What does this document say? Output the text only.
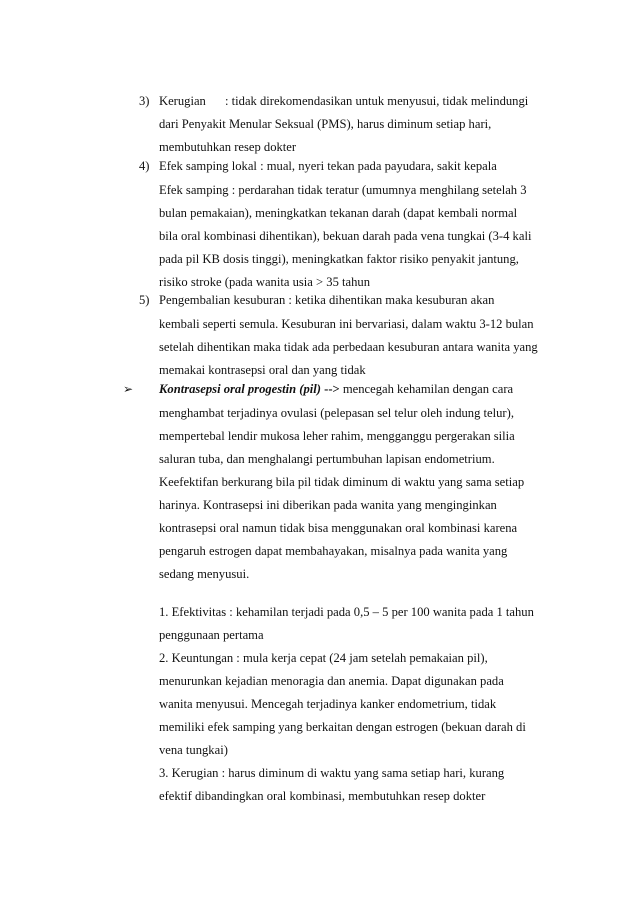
3) Kerugian : tidak direkomendasikan untuk menyusui, tidak melindungi
dari Penyakit Menular Seksual (PMS), harus diminum setiap hari,
membutuhkan resep dokter
4) Efek samping lokal : mual, nyeri tekan pada payudara, sakit kepala
Efek samping : perdarahan tidak teratur (umumnya menghilang setelah 3
bulan pemakaian), meningkatkan tekanan darah (dapat kembali normal
bila oral kombinasi dihentikan), bekuan darah pada vena tungkai (3-4 kali
pada pil KB dosis tinggi), meningkatkan faktor risiko penyakit jantung,
risiko stroke (pada wanita usia > 35 tahun
5) Pengembalian kesuburan : ketika dihentikan maka kesuburan akan
kembali seperti semula. Kesuburan ini bervariasi, dalam waktu 3-12 bulan
setelah dihentikan maka tidak ada perbedaan kesuburan antara wanita yang
memakai kontrasepsi oral dan yang tidak
➢ Kontrasepsi oral progestin (pil) --> mencegah kehamilan dengan cara
menghambat terjadinya ovulasi (pelepasan sel telur oleh indung telur),
mempertebal lendir mukosa leher rahim, mengganggu pergerakan silia
saluran tuba, dan menghalangi pertumbuhan lapisan endometrium.
Keefektifan berkurang bila pil tidak diminum di waktu yang sama setiap
harinya. Kontrasepsi ini diberikan pada wanita yang menginginkan
kontrasepsi oral namun tidak bisa menggunakan oral kombinasi karena
pengaruh estrogen dapat membahayakan, misalnya pada wanita yang
sedang menyusui.
1. Efektivitas : kehamilan terjadi pada 0,5 – 5 per 100 wanita pada 1 tahun
penggunaan pertama
2. Keuntungan : mula kerja cepat (24 jam setelah pemakaian pil),
menurunkan kejadian menoragia dan anemia. Dapat digunakan pada
wanita menyusui. Mencegah terjadinya kanker endometrium, tidak
memiliki efek samping yang berkaitan dengan estrogen (bekuan darah di
vena tungkai)
3. Kerugian : harus diminum di waktu yang sama setiap hari, kurang
efektif dibandingkan oral kombinasi, membutuhkan resep dokter
